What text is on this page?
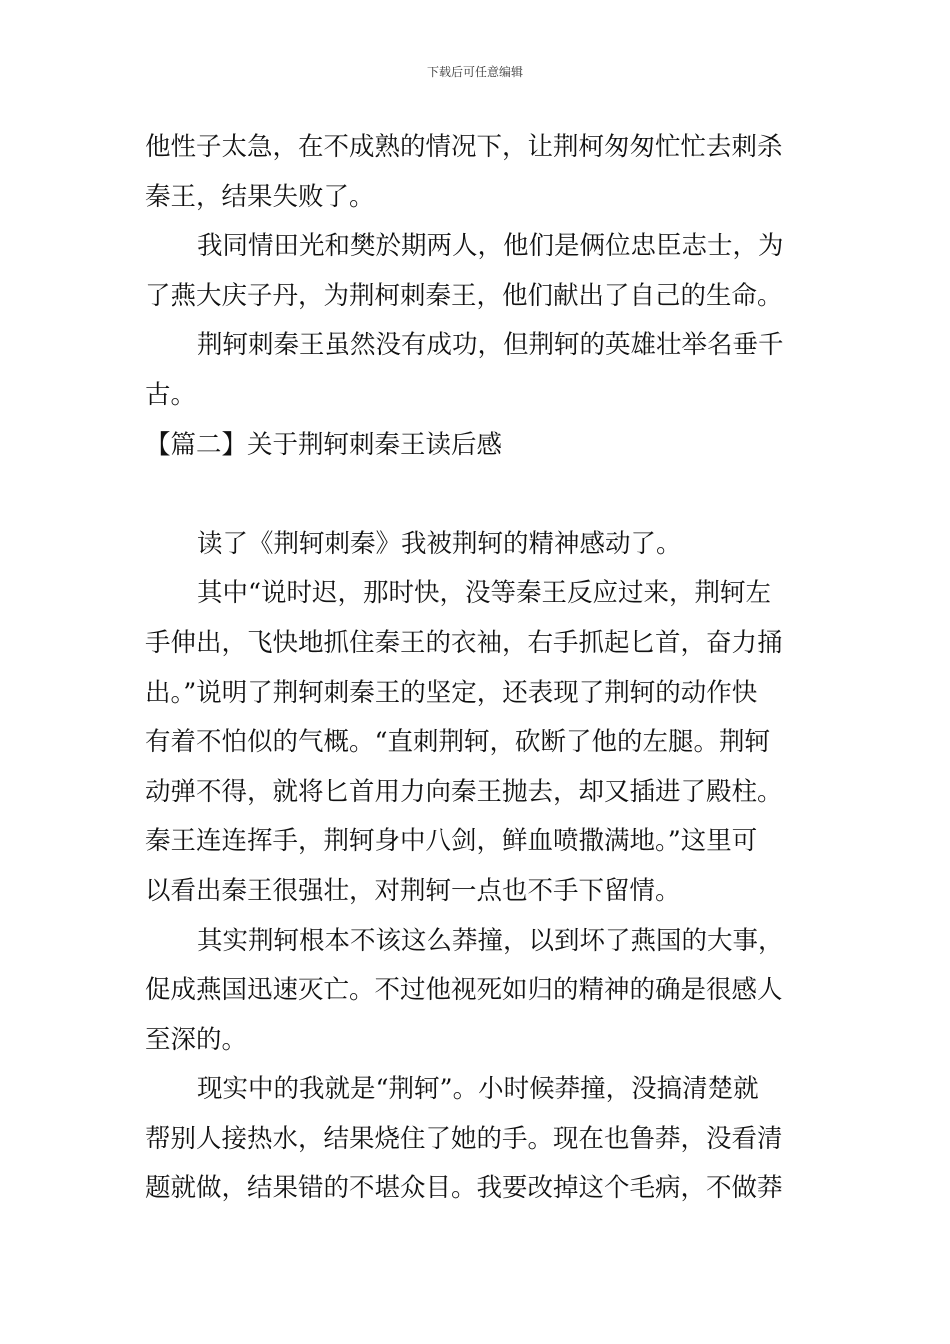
下载后可任意编辑
他性子太急，在不成熟的情况下，让荆柯匆匆忙忙去刺杀
秦王，结果失败了。
我同情田光和樊於期两人，他们是俩位忠臣志士，为
了燕大庆子丹，为荆柯刺秦王，他们献出了自己的生命。
荆轲刺秦王虽然没有成功，但荆轲的英雄壮举名垂千
古。
【篇二】关于荆轲刺秦王读后感
读了《荆轲刺秦》我被荆轲的精神感动了。
其中“说时迟，那时快，没等秦王反应过来，荆轲左
手伸出，飞快地抓住秦王的衣袖，右手抓起匕首，奋力捅
出。”说明了荆轲刺秦王的坚定，还表现了荆轲的动作快
有着不怕似的气概。“直刺荆轲，砍断了他的左腿。荆轲
动弹不得，就将匕首用力向秦王抛去，却又插进了殿柱。
秦王连连挥手，荆轲身中八剑，鲜血喷撒满地。”这里可
以看出秦王很强壮，对荆轲一点也不手下留情。
其实荆轲根本不该这么莽撞，以到坏了燕国的大事，
促成燕国迅速灭亡。不过他视死如归的精神的确是很感人
至深的。
现实中的我就是“荆轲”。小时候莽撞，没搞清楚就
帮别人接热水，结果烧住了她的手。现在也鲁莽，没看清
题就做，结果错的不堪众目。我要改掉这个毛病，不做莽
